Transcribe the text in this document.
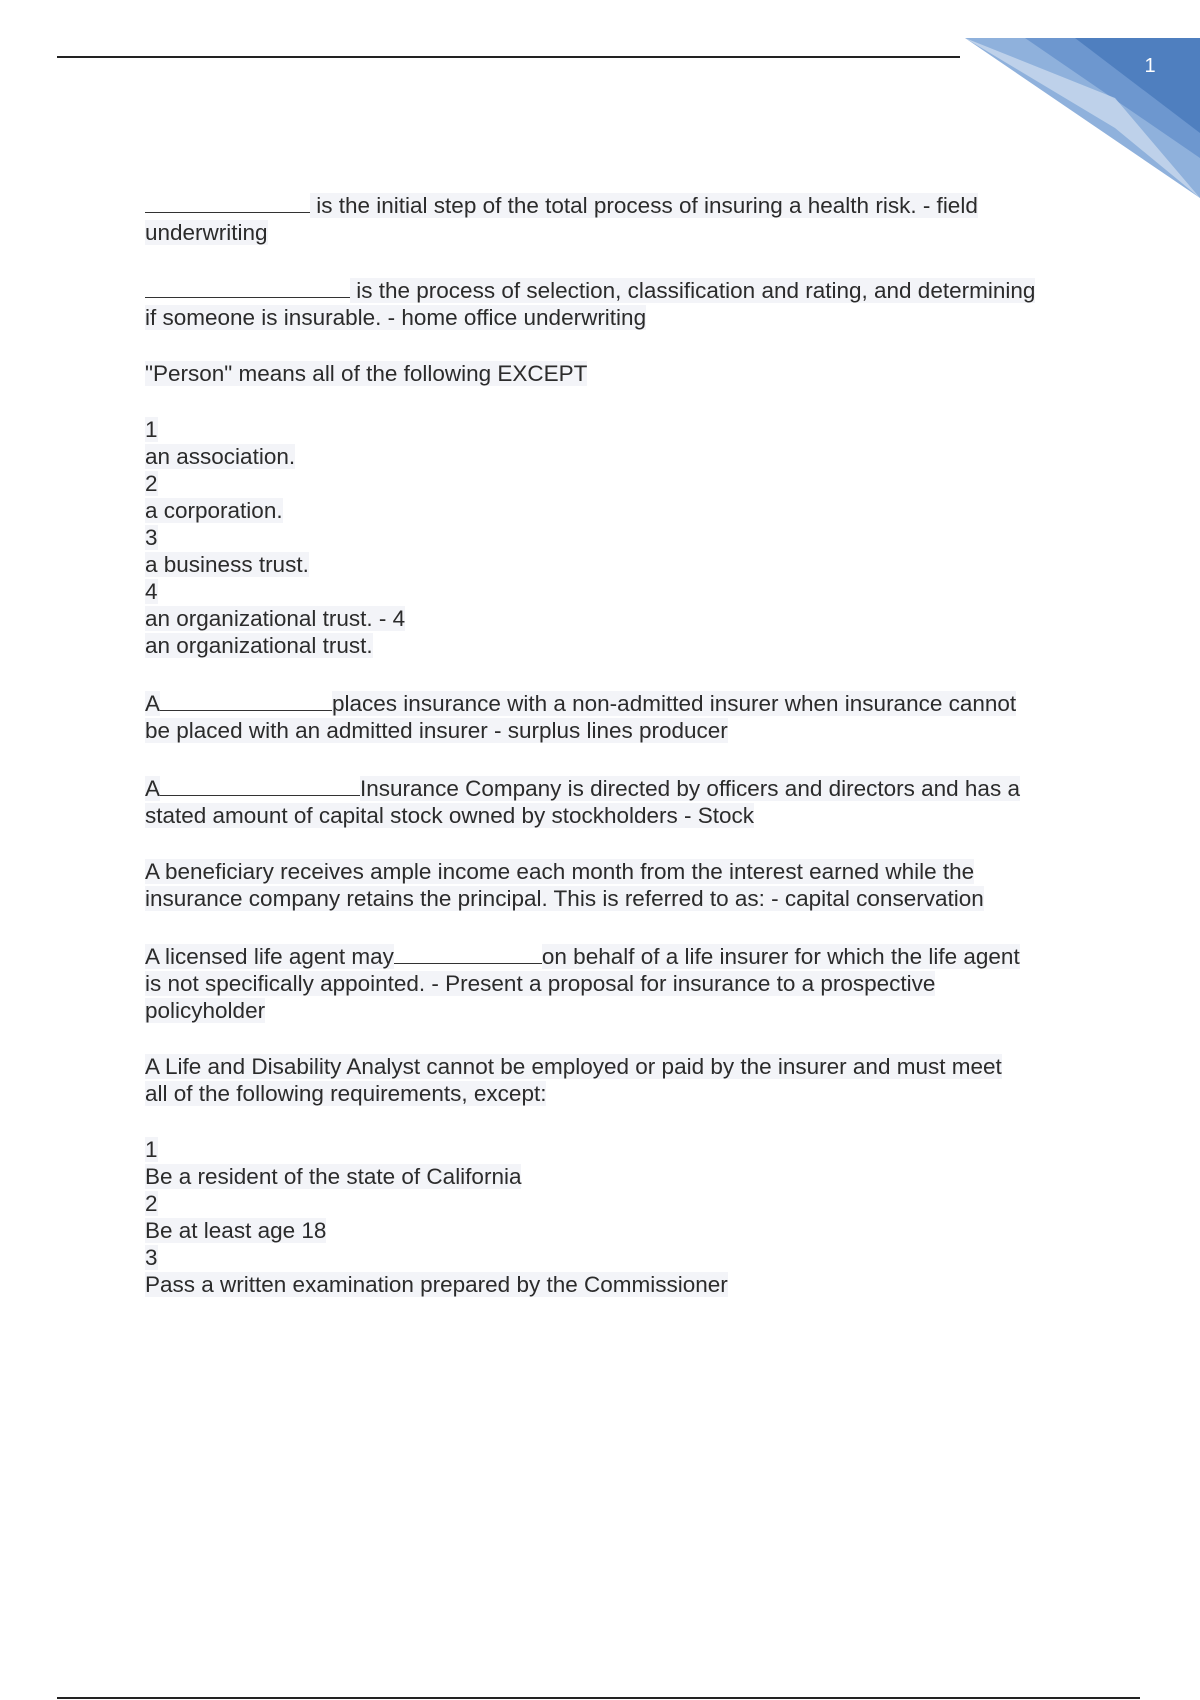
1
is the initial step of the total process of insuring a health risk. - field
underwriting
is the process of selection, classification and rating, and determining
if someone is insurable. - home office underwriting
"Person" means all of the following EXCEPT
1
an association.
2
a corporation.
3
a business trust.
4
an organizational trust. - 4
an organizational trust.
A	places insurance with a non-admitted insurer when insurance cannot
be placed with an admitted insurer - surplus lines producer
A	Insurance Company is directed by officers and directors and has a
stated amount of capital stock owned by stockholders - Stock
A beneficiary receives ample income each month from the interest earned while the
insurance company retains the principal. This is referred to as: - capital conservation
A licensed life agent may	on behalf of a life insurer for which the life agent
is not specifically appointed. - Present a proposal for insurance to a prospective
policyholder
A Life and Disability Analyst cannot be employed or paid by the insurer and must meet
all of the following requirements, except:
1
Be a resident of the state of California
2
Be at least age 18
3
Pass a written examination prepared by the Commissioner
